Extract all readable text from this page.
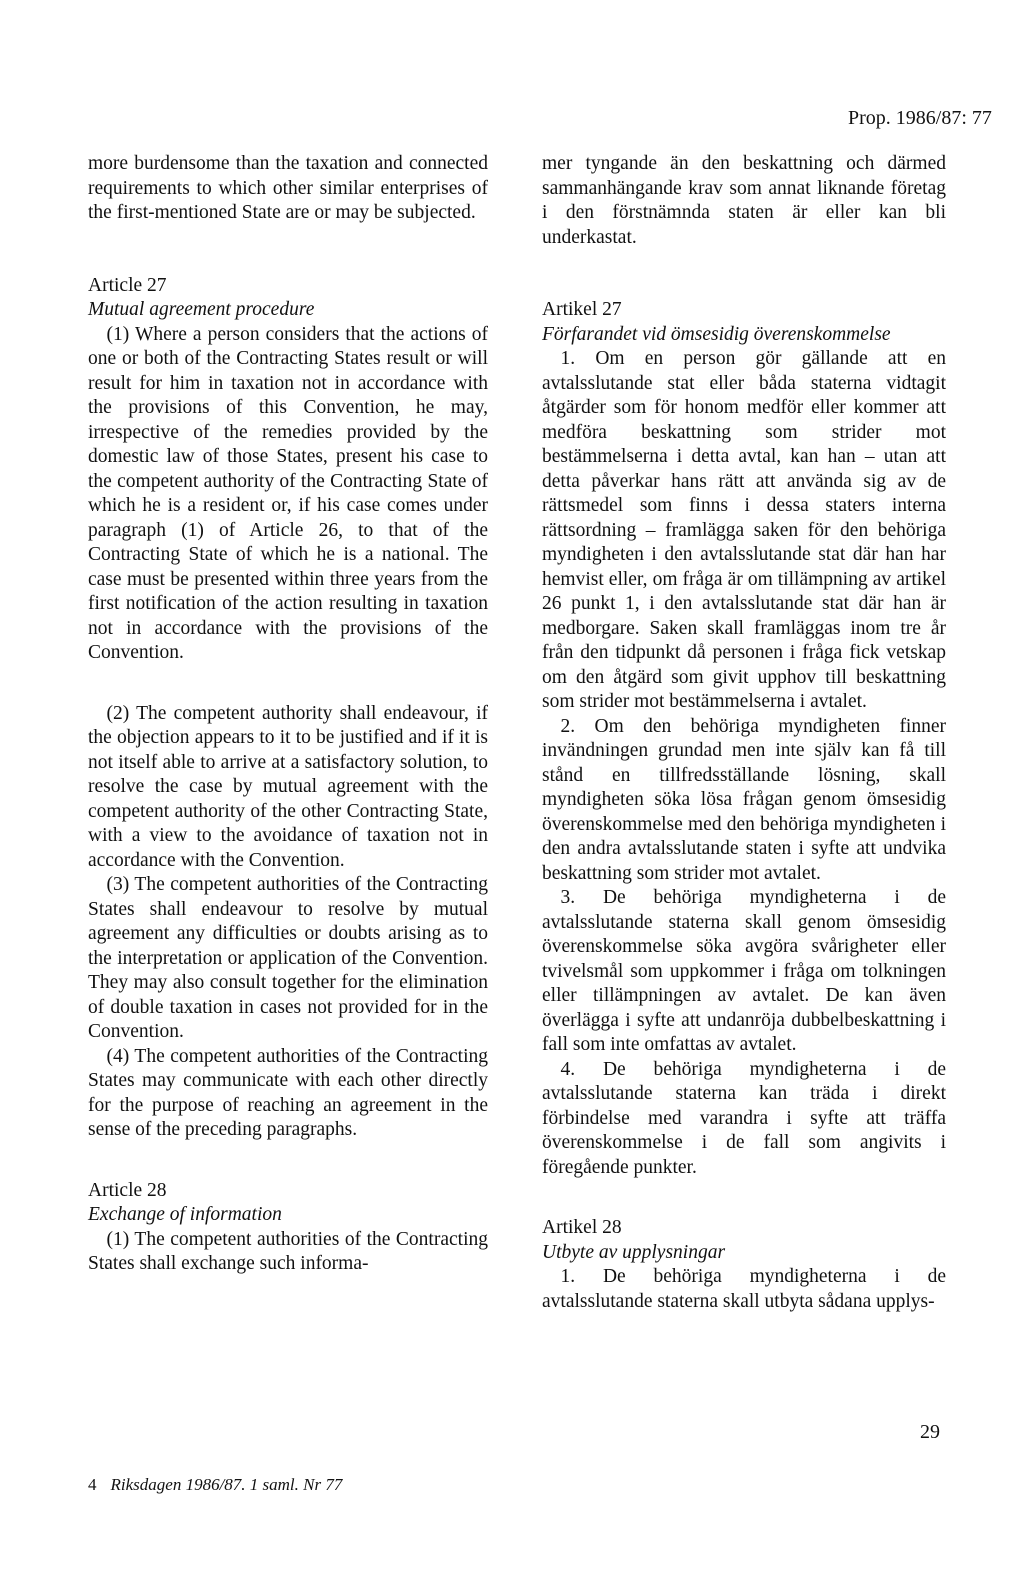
Prop. 1986/87: 77

more burdensome than the taxation and connected requirements to which other similar enterprises of the first-mentioned State are or may be subjected.

Article 27

Mutual agreement procedure

(1) Where a person considers that the actions of one or both of the Contracting States result or will result for him in taxation not in accordance with the provisions of this Convention, he may, irrespective of the remedies provided by the domestic law of those States, present his case to the competent authority of the Contracting State of which he is a resident or, if his case comes under paragraph (1) of Article 26, to that of the Contracting State of which he is a national. The case must be presented within three years from the first notification of the action resulting in taxation not in accordance with the provisions of the Convention.

(2) The competent authority shall endeavour, if the objection appears to it to be justified and if it is not itself able to arrive at a satisfactory solution, to resolve the case by mutual agreement with the competent authority of the other Contracting State, with a view to the avoidance of taxation not in accordance with the Convention.

(3) The competent authorities of the Contracting States shall endeavour to resolve by mutual agreement any difficulties or doubts arising as to the interpretation or application of the Convention. They may also consult together for the elimination of double taxation in cases not provided for in the Convention.

(4) The competent authorities of the Contracting States may communicate with each other directly for the purpose of reaching an agreement in the sense of the preceding paragraphs.

Article 28

Exchange of information

(1) The competent authorities of the Contracting States shall exchange such informa-

mer tyngande än den beskattning och därmed sammanhängande krav som annat liknande företag i den förstnämnda staten är eller kan bli underkastat.

Artikel 27

Förfarandet vid ömsesidig överenskommelse

1. Om en person gör gällande att en avtalsslutande stat eller båda staterna vidtagit åtgärder som för honom medför eller kommer att medföra beskattning som strider mot bestämmelserna i detta avtal, kan han – utan att detta påverkar hans rätt att använda sig av de rättsmedel som finns i dessa staters interna rättsordning – framlägga saken för den behöriga myndigheten i den avtalsslutande stat där han har hemvist eller, om fråga är om tillämpning av artikel 26 punkt 1, i den avtalsslutande stat där han är medborgare. Saken skall framläggas inom tre år från den tidpunkt då personen i fråga fick vetskap om den åtgärd som givit upphov till beskattning som strider mot bestämmelserna i avtalet.

2. Om den behöriga myndigheten finner invändningen grundad men inte själv kan få till stånd en tillfredsställande lösning, skall myndigheten söka lösa frågan genom ömsesidig överenskommelse med den behöriga myndigheten i den andra avtalsslutande staten i syfte att undvika beskattning som strider mot avtalet.

3. De behöriga myndigheterna i de avtalsslutande staterna skall genom ömsesidig överenskommelse söka avgöra svårigheter eller tvivelsmål som uppkommer i fråga om tolkningen eller tillämpningen av avtalet. De kan även överlägga i syfte att undanröja dubbelbeskattning i fall som inte omfattas av avtalet.

4. De behöriga myndigheterna i de avtalsslutande staterna kan träda i direkt förbindelse med varandra i syfte att träffa överenskommelse i de fall som angivits i föregående punkter.

Artikel 28

Utbyte av upplysningar

1. De behöriga myndigheterna i de avtalsslutande staterna skall utbyta sådana upplys-

29
4 Riksdagen 1986/87. 1 saml. Nr 77
